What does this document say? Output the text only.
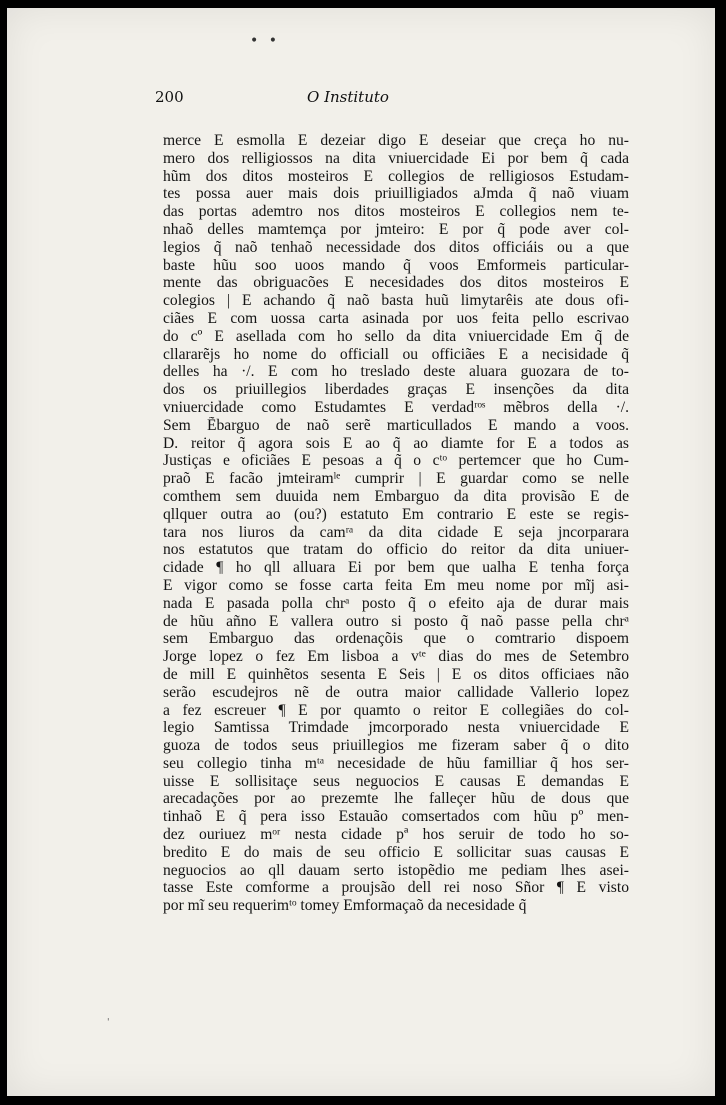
• •
200	O Instituto
merce E esmolla E dezeiar digo E deseiar que creça ho nu-
mero dos relligiossos na dita vniuercidade Ei por bem q̃ cada
hũm dos ditos mosteiros E collegios de relligiosos Estudam-
tes possa auer mais dois priuilligiados aJmda q̃ naõ viuam
das portas ademtro nos ditos mosteiros E collegios nem te-
nhaõ delles mamtemça por jmteiro: E por q̃ pode aver col-
legios q̃ naõ tenhaõ necessidade dos ditos officiáis ou a que
baste hũu soo uoos mando q̃ voos Emformeis particular-
mente das obriguacões E necesidades dos ditos mosteiros E
colegios | E achando q̃ naõ basta huũ limytarêis ate dous ofi-
ciães E com uossa carta asinada por uos feita pello escrivao
do cº E asellada com ho sello da dita vniuercidade Em q̃ de
cllararẽjs ho nome do officiall ou officiães E a necisidade q̃
delles ha ·/. E com ho treslado deste aluara guozara de to-
dos os priuillegios liberdades graças E insenções da dita
vniuercidade como Estudamtes E verdadʳᵒˢ mẽbros della ·/.
Sem Ẽbarguo de naõ serẽ marticullados E mando a voos.
D. reitor q̃ agora sois E ao q̃ ao diamte for E a todos as
Justiças e oficiães E pesoas a q̃ o cᵗᵒ pertemcer que ho Cum-
praõ E facão jmteiramˡᵉ cumprir | E guardar como se nelle
comthem sem duuida nem Embarguo da dita provisão E de
qllquer outra ao (ou?) estatuto Em contrario E este se regis-
tara nos liuros da camʳᵃ da dita cidade E seja jncorparara
nos estatutos que tratam do officio do reitor da dita uniuer-
cidade ¶ ho qll alluara Ei por bem que ualha E tenha força
E vigor como se fosse carta feita Em meu nome por mĩj asi-
nada E pasada polla chrᵃ posto q̃ o efeito aja de durar mais
de hũu añno E vallera outro si posto q̃ naõ passe pella chrᵃ
sem Embarguo das ordenaçõis que o comtrario dispoem
Jorge lopez o fez Em lisboa a vᵗᵉ dias do mes de Setembro
de mill E quinhẽtos sesenta E Seis | E os ditos officiaes não
serão escudejros nẽ de outra maior callidade Vallerio lopez
a fez escreuer ¶ E por quamto o reitor E collegiães do col-
legio Samtissa Trimdade jmcorporado nesta vniuercidade E
guoza de todos seus priuillegios me fizeram saber q̃ o dito
seu collegio tinha mᵗᵃ necesidade de hũu familliar q̃ hos ser-
uisse E sollisitaçe seus neguocios E causas E demandas E
arecadações por ao prezemte lhe falleçer hũu de dous que
tinhaõ E q̃ pera isso Estauão comsertados com hũu pº men-
dez ouriuez mᵒʳ nesta cidade pª hos seruir de todo ho so-
bredito E do mais de seu officio E sollicitar suas causas E
neguocios ao qll dauam serto istopẽdio me pediam lhes asei-
tasse Este comforme a proujsão dell rei noso Sñor ¶ E visto
por mĩ seu requerimᵗᵒ tomey Emformaçaõ da necesidade q̃
'
